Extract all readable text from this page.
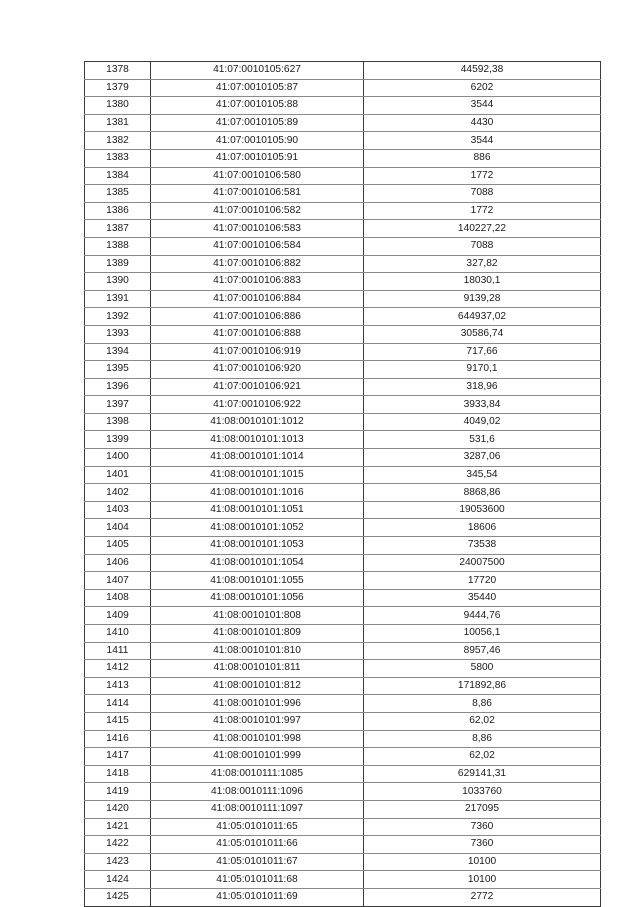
1378	41:07:0010105:627	44592,38
1379	41:07:0010105:87	6202
1380	41:07:0010105:88	3544
1381	41:07:0010105:89	4430
1382	41:07:0010105:90	3544
1383	41:07:0010105:91	886
1384	41:07:0010106:580	1772
1385	41:07:0010106:581	7088
1386	41:07:0010106:582	1772
1387	41:07:0010106:583	140227,22
1388	41:07:0010106:584	7088
1389	41:07:0010106:882	327,82
1390	41:07:0010106:883	18030,1
1391	41:07:0010106:884	9139,28
1392	41:07:0010106:886	644937,02
1393	41:07:0010106:888	30586,74
1394	41:07:0010106:919	717,66
1395	41:07:0010106:920	9170,1
1396	41:07:0010106:921	318,96
1397	41:07:0010106:922	3933,84
1398	41:08:0010101:1012	4049,02
1399	41:08:0010101:1013	531,6
1400	41:08:0010101:1014	3287,06
1401	41:08:0010101:1015	345,54
1402	41:08:0010101:1016	8868,86
1403	41:08:0010101:1051	19053600
1404	41:08:0010101:1052	18606
1405	41:08:0010101:1053	73538
1406	41:08:0010101:1054	24007500
1407	41:08:0010101:1055	17720
1408	41:08:0010101:1056	35440
1409	41:08:0010101:808	9444,76
1410	41:08:0010101:809	10056,1
1411	41:08:0010101:810	8957,46
1412	41:08:0010101:811	5800
1413	41:08:0010101:812	171892,86
1414	41:08:0010101:996	8,86
1415	41:08:0010101:997	62,02
1416	41:08:0010101:998	8,86
1417	41:08:0010101:999	62,02
1418	41:08:0010111:1085	629141,31
1419	41:08:0010111:1096	1033760
1420	41:08:0010111:1097	217095
1421	41:05:0101011:65	7360
1422	41:05:0101011:66	7360
1423	41:05:0101011:67	10100
1424	41:05:0101011:68	10100
1425	41:05:0101011:69	2772
